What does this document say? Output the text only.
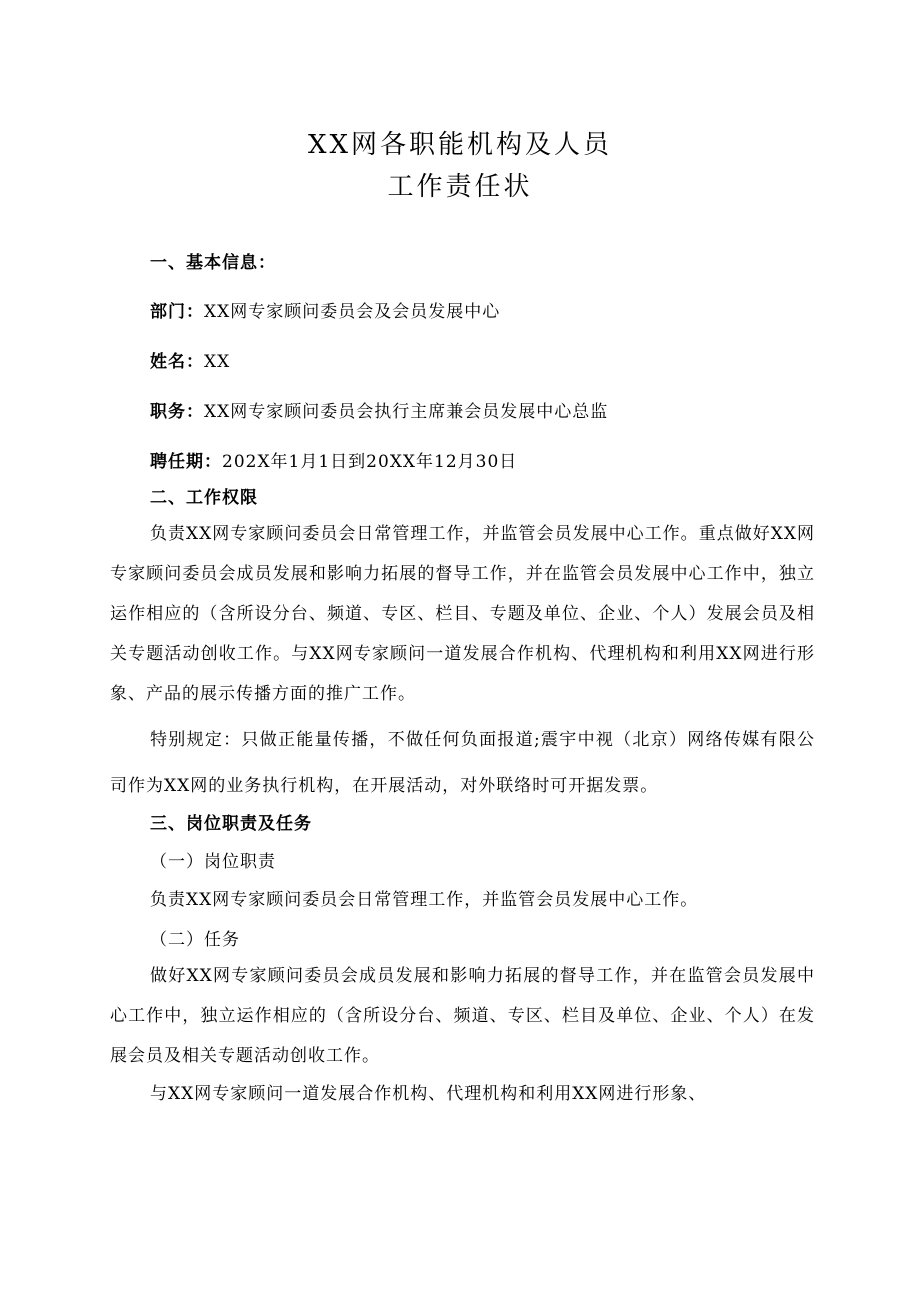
XX网各职能机构及人员
工作责任状
一、基本信息：
部门：XX网专家顾问委员会及会员发展中心
姓名：XX
职务：XX网专家顾问委员会执行主席兼会员发展中心总监
聘任期：202X年1月1日到20XX年12月30日
二、工作权限
负责XX网专家顾问委员会日常管理工作，并监管会员发展中心工作。重点做好XX网专家顾问委员会成员发展和影响力拓展的督导工作，并在监管会员发展中心工作中，独立运作相应的（含所设分台、频道、专区、栏目、专题及单位、企业、个人）发展会员及相关专题活动创收工作。与XX网专家顾问一道发展合作机构、代理机构和利用XX网进行形象、产品的展示传播方面的推广工作。
特别规定：只做正能量传播，不做任何负面报道;震宇中视（北京）网络传媒有限公司作为XX网的业务执行机构，在开展活动，对外联络时可开据发票。
三、岗位职责及任务
（一）岗位职责
负责XX网专家顾问委员会日常管理工作，并监管会员发展中心工作。
（二）任务
做好XX网专家顾问委员会成员发展和影响力拓展的督导工作，并在监管会员发展中心工作中，独立运作相应的（含所设分台、频道、专区、栏目及单位、企业、个人）在发展会员及相关专题活动创收工作。
与XX网专家顾问一道发展合作机构、代理机构和利用XX网进行形象、
